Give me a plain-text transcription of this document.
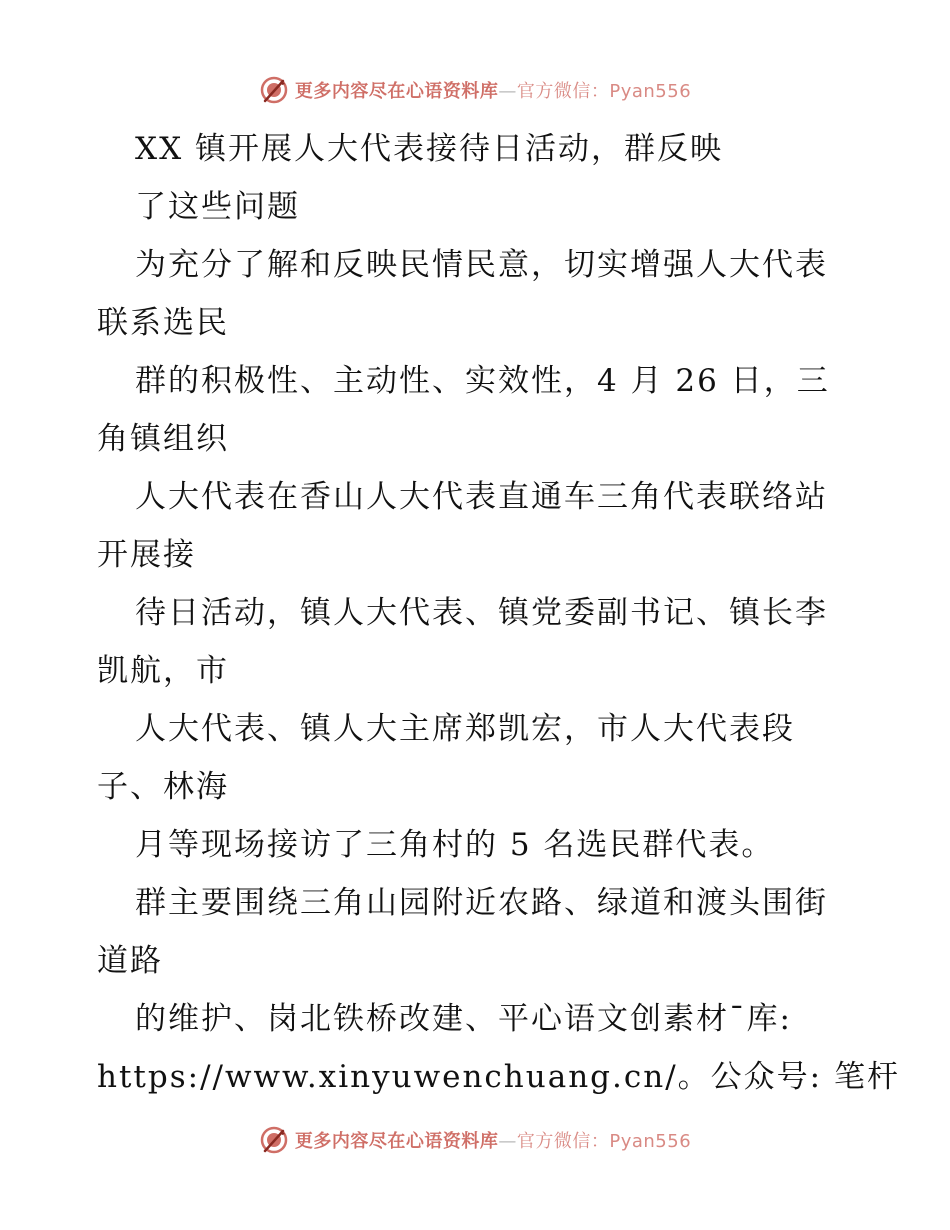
更多内容尽在心语资料库—官方微信：Pyan556
XX 镇开展人大代表接待日活动，群反映
了这些问题
为充分了解和反映民情民意，切实增强人大代表
联系选民
群的积极性、主动性、实效性，4 月 26 日，三
角镇组织
人大代表在香山人大代表直通车三角代表联络站
开展接
待日活动，镇人大代表、镇党委副书记、镇长李
凯航，市
人大代表、镇人大主席郑凯宏，市人大代表段
子、林海
月等现场接访了三角村的 5 名选民群代表。
群主要围绕三角山园附近农路、绿道和渡头围街
道路
的维护、岗北铁桥改建、平心语文创素材¯库:
https://www.xinyuwenchuang.cn/。公众号: 笔杆
更多内容尽在心语资料库—官方微信：Pyan556
